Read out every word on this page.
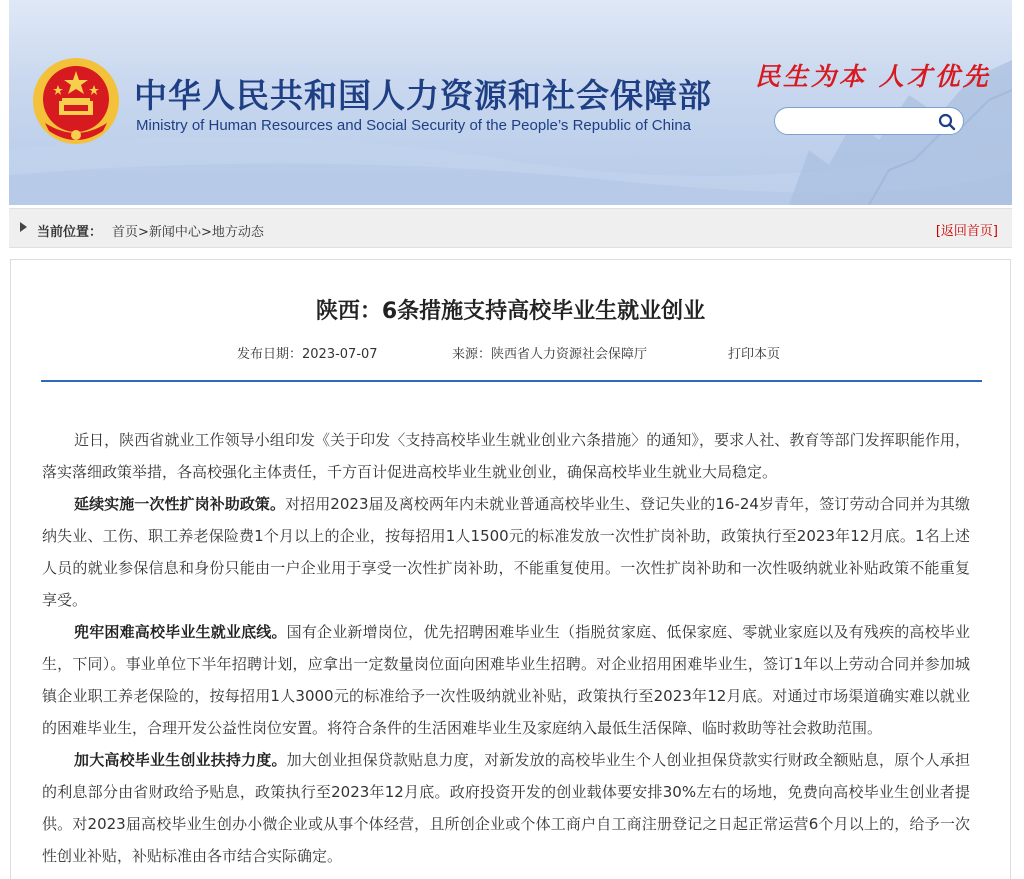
中华人民共和国人力资源和社会保障部
Ministry of Human Resources and Social Security of the People’s Republic of China
民生为本 人才优先
当前位置： 首页>新闻中心>地方动态	[返回首页]
陕西：6条措施支持高校毕业生就业创业
发布日期：2023-07-07	来源：陕西省人力资源社会保障厅	打印本页

近日，陕西省就业工作领导小组印发《关于印发〈支持高校毕业生就业创业六条措施〉的通知》，要求人社、教育等部门发挥职能作用，落实落细政策举措，各高校强化主体责任，千方百计促进高校毕业生就业创业，确保高校毕业生就业大局稳定。

延续实施一次性扩岗补助政策。对招用2023届及离校两年内未就业普通高校毕业生、登记失业的16-24岁青年，签订劳动合同并为其缴纳失业、工伤、职工养老保险费1个月以上的企业，按每招用1人1500元的标准发放一次性扩岗补助，政策执行至2023年12月底。1名上述人员的就业参保信息和身份只能由一户企业用于享受一次性扩岗补助，不能重复使用。一次性扩岗补助和一次性吸纳就业补贴政策不能重复享受。

兜牢困难高校毕业生就业底线。国有企业新增岗位，优先招聘困难毕业生（指脱贫家庭、低保家庭、零就业家庭以及有残疾的高校毕业生，下同）。事业单位下半年招聘计划，应拿出一定数量岗位面向困难毕业生招聘。对企业招用困难毕业生，签订1年以上劳动合同并参加城镇企业职工养老保险的，按每招用1人3000元的标准给予一次性吸纳就业补贴，政策执行至2023年12月底。对通过市场渠道确实难以就业的困难毕业生，合理开发公益性岗位安置。将符合条件的生活困难毕业生及家庭纳入最低生活保障、临时救助等社会救助范围。

加大高校毕业生创业扶持力度。加大创业担保贷款贴息力度，对新发放的高校毕业生个人创业担保贷款实行财政全额贴息，原个人承担的利息部分由省财政给予贴息，政策执行至2023年12月底。政府投资开发的创业载体要安排30%左右的场地，免费向高校毕业生创业者提供。对2023届高校毕业生创办小微企业或从事个体经营，且所创企业或个体工商户自工商注册登记之日起正常运营6个月以上的，给予一次性创业补贴，补贴标准由各市结合实际确定。
